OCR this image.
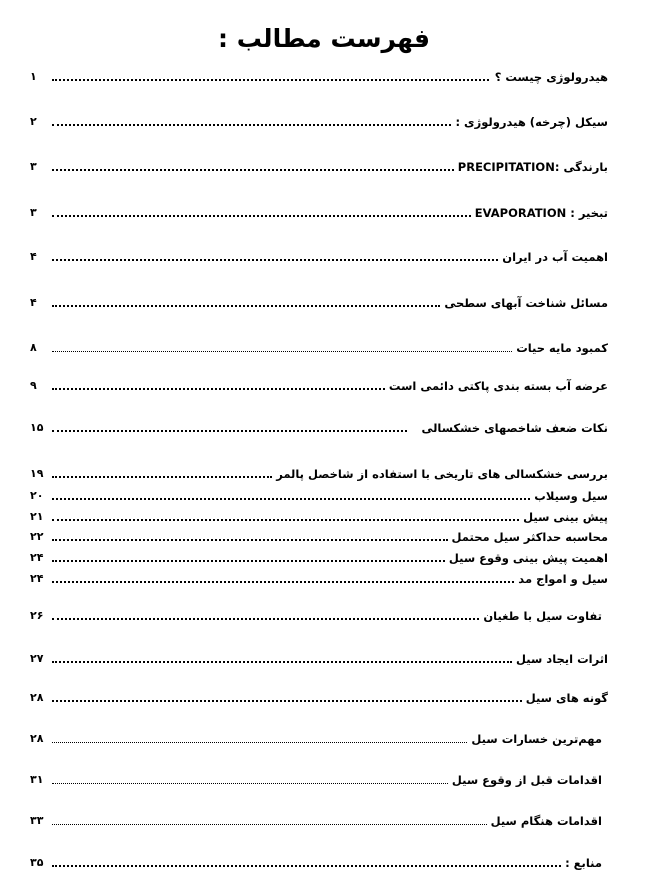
فهرست مطالب :
هیدرولوژی چیست ؟
۱
سیکل (چرخه) هیدرولوژی :
۲
بارندگی :PRECIPITATION
۳
تبخیر : EVAPORATION
۳
اهمیت آب در ایران
۴
مسائل شناخت آبهای سطحی
۴
کمبود مایه حیات
۸
عرضه آب بسته بندی پاکتی دائمی است
۹
نکات ضعف شاخصهای خشکسالی
۱۵
بررسی خشکسالی های تاریخی با استفاده از شاخصل پالمر
۱۹
سیل وسیلاب
۲۰
پیش بینی سیل
۲۱
محاسبه حداکثر سیل محتمل
۲۲
اهمیت پیش بینی وقوع سیل
۲۴
سیل و امواج مد
۲۴
تفاوت سیل با طغیان
۲۶
اثرات ایجاد سیل
۲۷
گونه های سیل
۲۸
مهم‌ترین خسارات سیل
۲۸
اقدامات قبل از وقوع سیل
۳۱
اقدامات هنگام سیل
۳۳
منابع :
۳۵
